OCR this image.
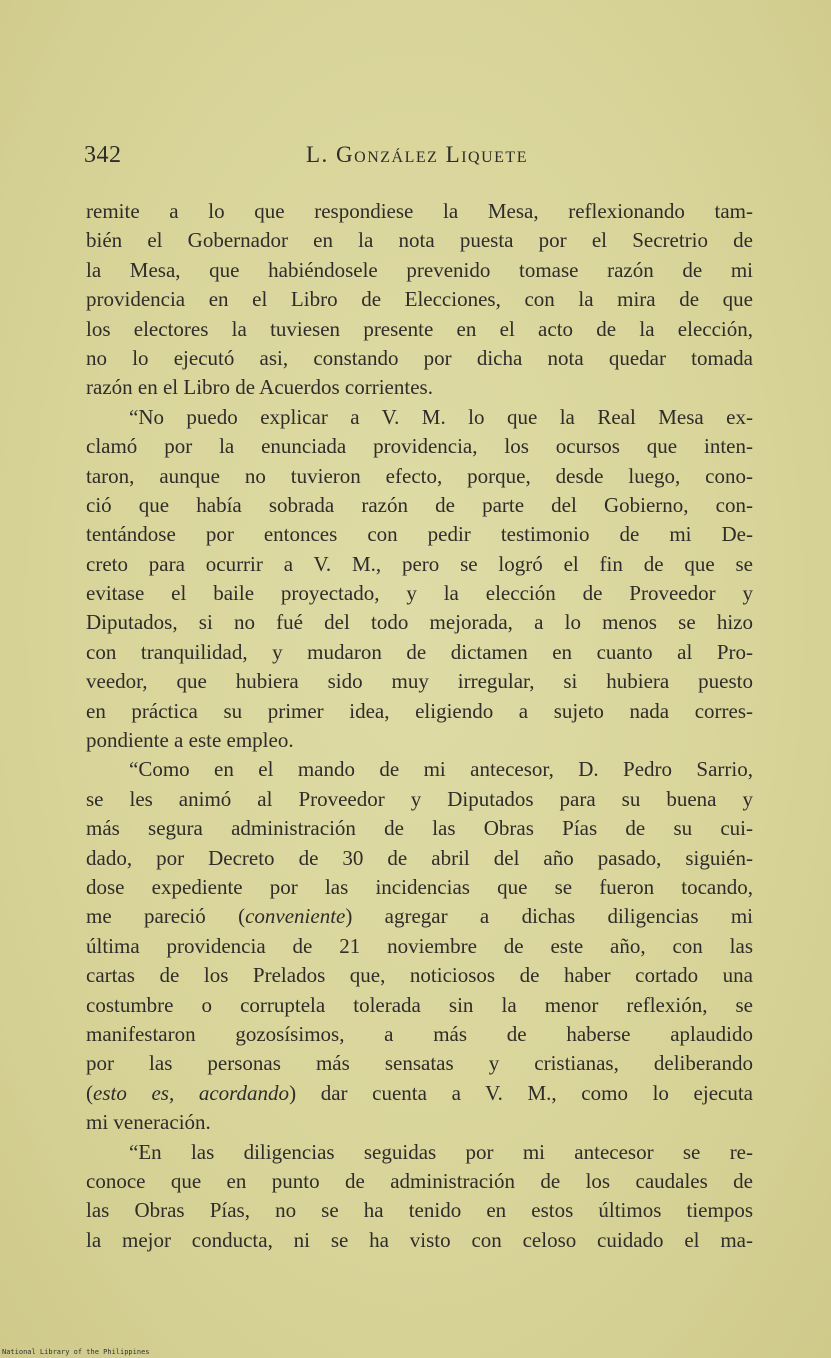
342	L. González Liquete
remite a lo que respondiese la Mesa, reflexionando tam-
bién el Gobernador en la nota puesta por el Secretrio de
la Mesa, que habiéndosele prevenido tomase razón de mi
providencia en el Libro de Elecciones, con la mira de que
los electores la tuviesen presente en el acto de la elección,
no lo ejecutó asi, constando por dicha nota quedar tomada
razón en el Libro de Acuerdos corrientes.
“No puedo explicar a V. M. lo que la Real Mesa ex-
clamó por la enunciada providencia, los ocursos que inten-
taron, aunque no tuvieron efecto, porque, desde luego, cono-
ció que había sobrada razón de parte del Gobierno, con-
tentándose por entonces con pedir testimonio de mi De-
creto para ocurrir a V. M., pero se logró el fin de que se
evitase el baile proyectado, y la elección de Proveedor y
Diputados, si no fué del todo mejorada, a lo menos se hizo
con tranquilidad, y mudaron de dictamen en cuanto al Pro-
veedor, que hubiera sido muy irregular, si hubiera puesto
en práctica su primer idea, eligiendo a sujeto nada corres-
pondiente a este empleo.
“Como en el mando de mi antecesor, D. Pedro Sarrio,
se les animó al Proveedor y Diputados para su buena y
más segura administración de las Obras Pías de su cui-
dado, por Decreto de 30 de abril del año pasado, siguién-
dose expediente por las incidencias que se fueron tocando,
me pareció (conveniente) agregar a dichas diligencias mi
última providencia de 21 noviembre de este año, con las
cartas de los Prelados que, noticiosos de haber cortado una
costumbre o corruptela tolerada sin la menor reflexión, se
manifestaron gozosísimos, a más de haberse aplaudido
por las personas más sensatas y cristianas, deliberando
(esto es, acordando) dar cuenta a V. M., como lo ejecuta
mi veneración.
“En las diligencias seguidas por mi antecesor se re-
conoce que en punto de administración de los caudales de
las Obras Pías, no se ha tenido en estos últimos tiempos
la mejor conducta, ni se ha visto con celoso cuidado el ma-
National Library of the Philippines
